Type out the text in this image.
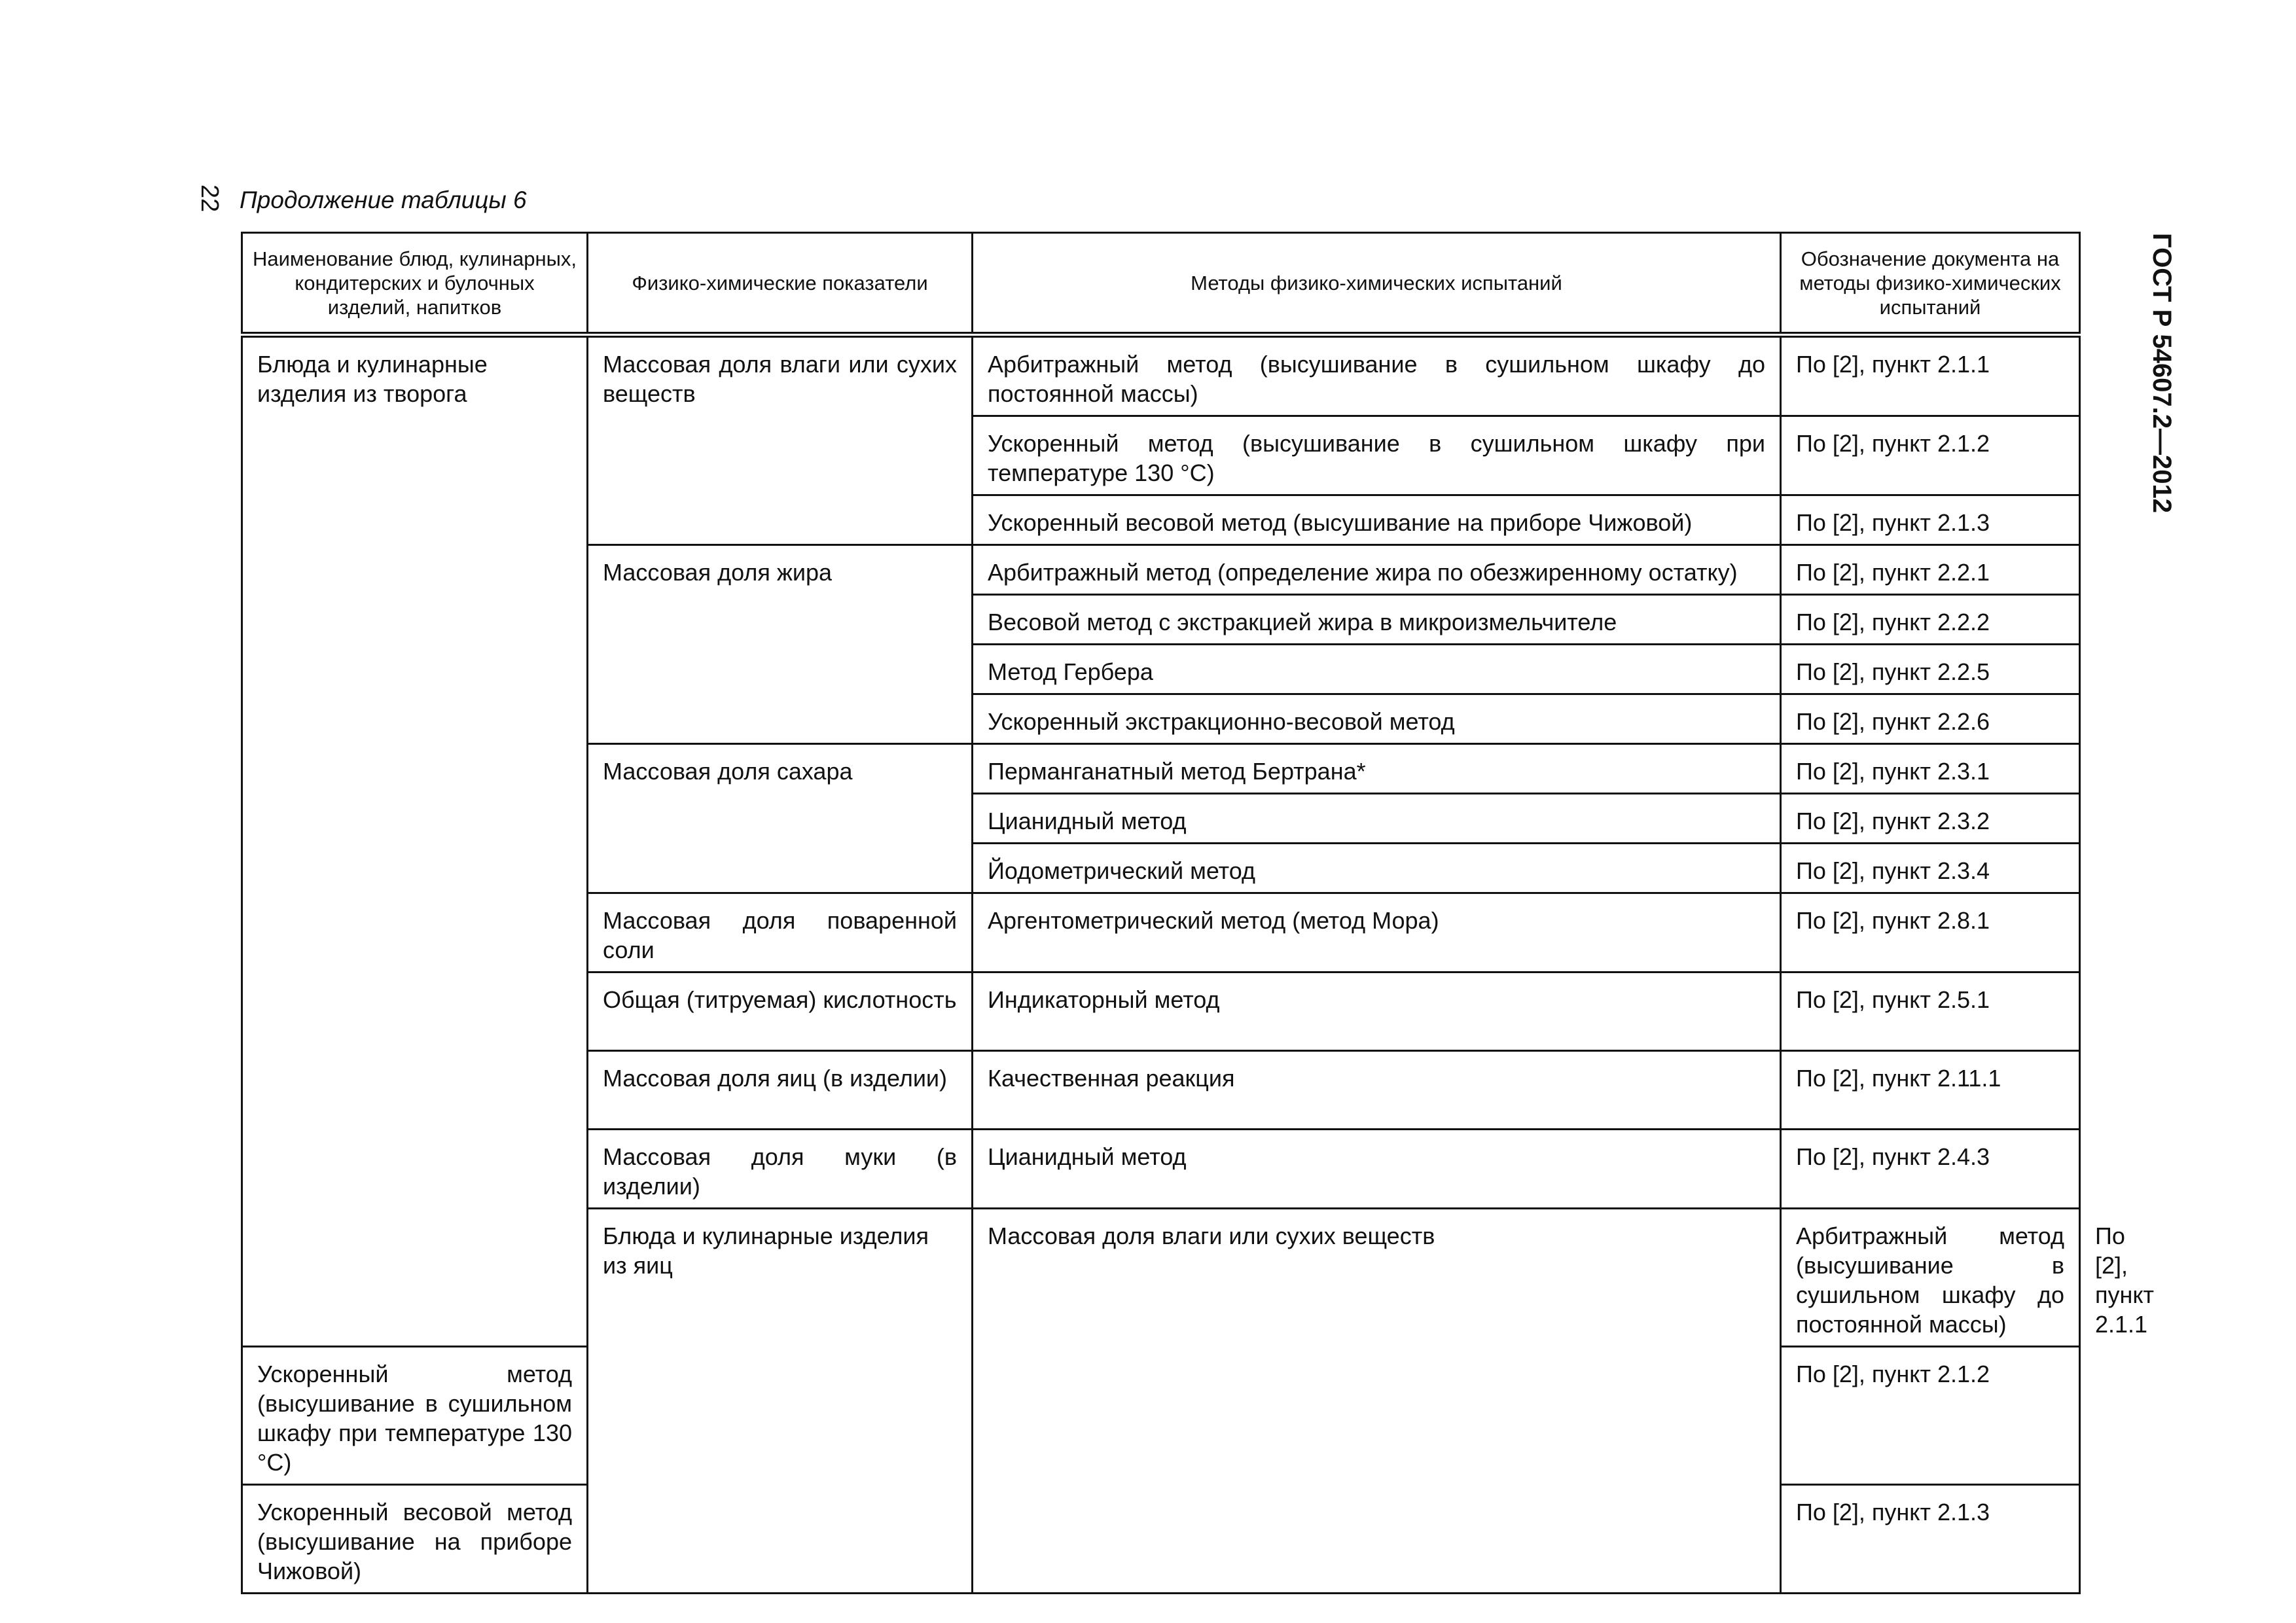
22 Продолжение таблицы 6
ГОСТ Р 54607.2—2012
Наименование блюд, кулинарных, кондитерских и булочных изделий, напитков	Физико-химические показатели	Методы физико-химических испытаний	Обозначение документа на методы физико-химических испытаний	
Блюда и кулинарные изделия из творога	Массовая доля влаги или сухих веществ	Арбитражный метод (высушивание в сушильном шкафу до постоянной массы)	По [2], пункт 2.1.1	
		Ускоренный метод (высушивание в сушильном шкафу при температуре 130 °С)	По [2], пункт 2.1.2	
		Ускоренный весовой метод (высушивание на приборе Чижовой)	По [2], пункт 2.1.3	
	Массовая доля жира	Арбитражный метод (определение жира по обезжиренному остатку)	По [2], пункт 2.2.1	
		Весовой метод с экстракцией жира в микроизмельчителе	По [2], пункт 2.2.2	
		Метод Гербера	По [2], пункт 2.2.5	
		Ускоренный экстракционно-весовой метод	По [2], пункт 2.2.6	
	Массовая доля сахара	Перманганатный метод Бертрана*	По [2], пункт 2.3.1	
		Цианидный метод	По [2], пункт 2.3.2	
		Йодометрический метод	По [2], пункт 2.3.4	
	Массовая доля поваренной соли	Аргентометрический метод (метод Мора)	По [2], пункт 2.8.1	
	Общая (титруемая) кислотность	Индикаторный метод	По [2], пункт 2.5.1	
	Массовая доля яиц (в изделии)	Качественная реакция	По [2], пункт 2.11.1	
	Массовая доля муки (в изделии)	Цианидный метод	По [2], пункт 2.4.3	
	Блюда и кулинарные изделия из яиц	Массовая доля влаги или сухих веществ	Арбитражный метод (высушивание в сушильном шкафу до постоянной массы)	По [2], пункт 2.1.1
Ускоренный метод (высушивание в сушильном шкафу при температуре 130 °С)			По [2], пункт 2.1.2	
Ускоренный весовой метод (высушивание на приборе Чижовой)			По [2], пункт 2.1.3	
